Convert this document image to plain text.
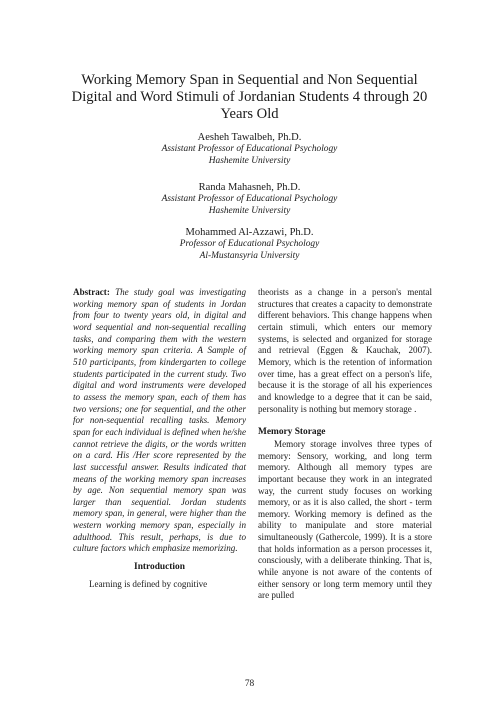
Working Memory Span in Sequential and Non Sequential Digital and Word Stimuli of Jordanian Students 4 through 20 Years Old
Aesheh Tawalbeh, Ph.D.
Assistant Professor of Educational Psychology
Hashemite University
Randa Mahasneh, Ph.D.
Assistant Professor of Educational Psychology
Hashemite University
Mohammed Al-Azzawi, Ph.D.
Professor of Educational Psychology
Al-Mustansyria University

Abstract: The study goal was investigating working memory span of students in Jordan from four to twenty years old, in digital and word sequential and non-sequential recalling tasks, and comparing them with the western working memory span criteria. A Sample of 510 participants, from kindergarten to college students participated in the current study. Two digital and word instruments were developed to assess the memory span, each of them has two versions; one for sequential, and the other for non-sequential recalling tasks. Memory span for each individual is defined when he/she cannot retrieve the digits, or the words written on a card. His /Her score represented by the last successful answer. Results indicated that means of the working memory span increases by age. Non sequential memory span was larger than sequential. Jordan students memory span, in general, were higher than the western working memory span, especially in adulthood. This result, perhaps, is due to culture factors which emphasize memorizing.

Introduction

Learning is defined by cognitive

theorists as a change in a person's mental structures that creates a capacity to demonstrate different behaviors. This change happens when certain stimuli, which enters our memory systems, is selected and organized for storage and retrieval (Eggen & Kauchak, 2007). Memory, which is the retention of information over time, has a great effect on a person's life, because it is the storage of all his experiences and knowledge to a degree that it can be said, personality is nothing but memory storage .

Memory Storage

Memory storage involves three types of memory: Sensory, working, and long term memory. Although all memory types are important because they work in an integrated way, the current study focuses on working memory, or as it is also called, the short - term memory. Working memory is defined as the ability to manipulate and store material simultaneously (Gathercole, 1999). It is a store that holds information as a person processes it, consciously, with a deliberate thinking. That is, while anyone is not aware of the contents of either sensory or long term memory until they are pulled

78
